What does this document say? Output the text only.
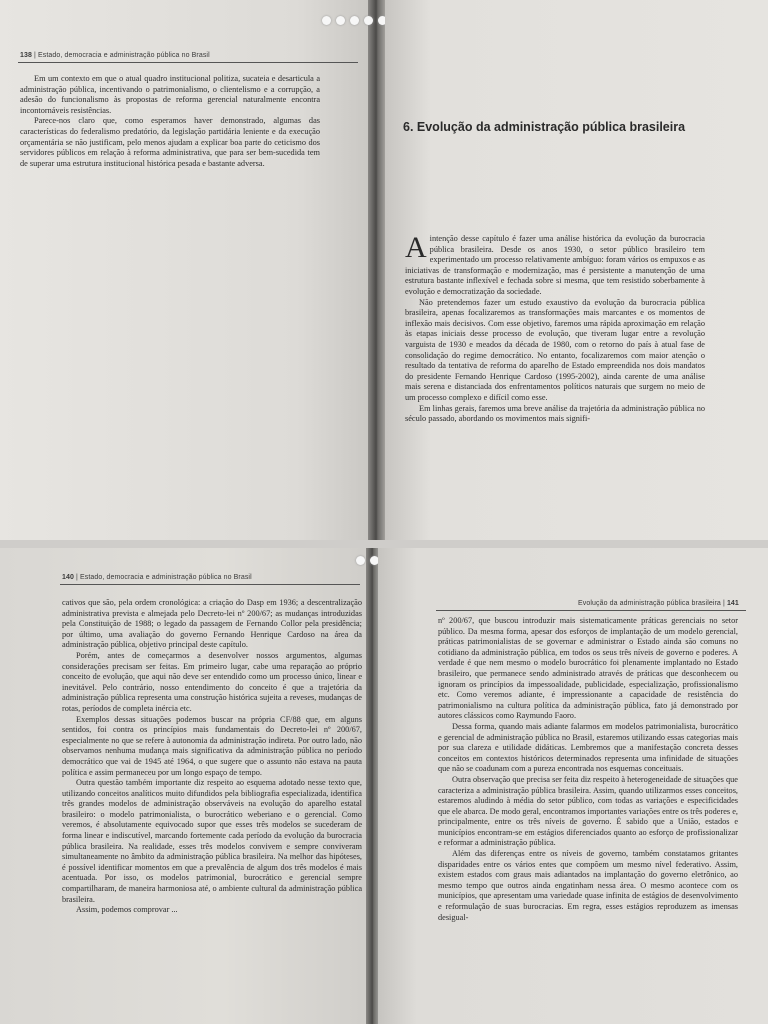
138 | Estado, democracia e administração pública no Brasil

Em um contexto em que o atual quadro institucional politiza, sucateia e desarticula a administração pública, incentivando o patrimonialismo, o clientelismo e a corrupção, a adesão do funcionalismo às propostas de reforma gerencial naturalmente encontra incontornáveis resistências.

Parece-nos claro que, como esperamos haver demonstrado, algumas das características do federalismo predatório, da legislação partidária leniente e da execução orçamentária se não justificam, pelo menos ajudam a explicar boa parte do ceticismo dos servidores públicos em relação à reforma administrativa, que para ser bem-sucedida tem de superar uma estrutura institucional histórica pesada e bastante adversa.

6. Evolução da administração pública brasileira

Aintenção desse capítulo é fazer uma análise histórica da evolução da burocracia pública brasileira. Desde os anos 1930, o setor público brasileiro tem experimentado um processo relativamente ambíguo: foram vários os empuxos e as iniciativas de transformação e modernização, mas é persistente a manutenção de uma estrutura bastante inflexível e fechada sobre si mesma, que tem resistido soberbamente à evolução e democratização da sociedade.

Não pretendemos fazer um estudo exaustivo da evolução da burocracia pública brasileira, apenas focalizaremos as transformações mais marcantes e os momentos de inflexão mais decisivos. Com esse objetivo, faremos uma rápida aproximação em relação às etapas iniciais desse processo de evolução, que tiveram lugar entre a revolução varguista de 1930 e meados da década de 1980, com o retorno do país à atual fase de consolidação do regime democrático. No entanto, focalizaremos com maior atenção o resultado da tentativa de reforma do aparelho de Estado empreendida nos dois mandatos do presidente Fernando Henrique Cardoso (1995-2002), ainda carente de uma análise mais serena e distanciada dos enfrentamentos políticos naturais que surgem no meio de um processo complexo e difícil como esse.

Em linhas gerais, faremos uma breve análise da trajetória da administração pública no século passado, abordando os movimentos mais signifi-

140 | Estado, democracia e administração pública no Brasil

cativos que são, pela ordem cronológica: a criação do Dasp em 1936; a descentralização administrativa prevista e almejada pelo Decreto-lei nº 200/67; as mudanças introduzidas pela Constituição de 1988; o legado da passagem de Fernando Collor pela presidência; por último, uma avaliação do governo Fernando Henrique Cardoso na área da administração pública, objetivo principal deste capítulo.

Porém, antes de começarmos a desenvolver nossos argumentos, algumas considerações precisam ser feitas. Em primeiro lugar, cabe uma reparação ao próprio conceito de evolução, que aqui não deve ser entendido como um processo único, linear e inevitável. Pelo contrário, nosso entendimento do conceito é que a trajetória da administração pública representa uma construção histórica sujeita a reveses, mudanças de rotas, períodos de completa inércia etc.

Exemplos dessas situações podemos buscar na própria CF/88 que, em alguns sentidos, foi contra os princípios mais fundamentais do Decreto-lei nº 200/67, especialmente no que se refere à autonomia da administração indireta. Por outro lado, não observamos nenhuma mudança mais significativa da administração pública no período democrático que vai de 1945 até 1964, o que sugere que o assunto não estava na pauta política e assim permaneceu por um longo espaço de tempo.

Outra questão também importante diz respeito ao esquema adotado nesse texto que, utilizando conceitos analíticos muito difundidos pela bibliografia especializada, identifica três grandes modelos de administração observáveis na evolução do aparelho estatal brasileiro: o modelo patrimonialista, o burocrático weberiano e o gerencial. Como veremos, é absolutamente equivocado supor que esses três modelos se sucederam de forma linear e indiscutível, marcando fortemente cada período da evolução da burocracia pública brasileira. Na realidade, esses três modelos convivem e sempre conviveram simultaneamente no âmbito da administração pública brasileira. Na melhor das hipóteses, é possível identificar momentos em que a prevalência de algum dos três modelos é mais acentuada. Por isso, os modelos patrimonial, burocrático e gerencial sempre compartilharam, de maneira harmoniosa até, o ambiente cultural da administração pública brasileira.

Assim, podemos comprovar ...

Evolução da administração pública brasileira | 141

nº 200/67, que buscou introduzir mais sistematicamente práticas gerenciais no setor público. Da mesma forma, apesar dos esforços de implantação de um modelo gerencial, práticas patrimonialistas de se governar e administrar o Estado ainda são comuns no cotidiano da administração pública, em todos os seus três níveis de governo e poderes. A verdade é que nem mesmo o modelo burocrático foi plenamente implantado no Estado brasileiro, que permanece sendo administrado através de práticas que desconhecem ou ignoram os princípios da impessoalidade, publicidade, especialização, profissionalismo etc. Como veremos adiante, é impressionante a capacidade de resistência do patrimonialismo na cultura política da administração pública, fato já demonstrado por autores clássicos como Raymundo Faoro.

Dessa forma, quando mais adiante falarmos em modelos patrimonialista, burocrático e gerencial de administração pública no Brasil, estaremos utilizando essas categorias mais por sua clareza e utilidade didáticas. Lembremos que a manifestação concreta desses conceitos em contextos históricos determinados representa uma infinidade de situações que não se coadunam com a pureza encontrada nos esquemas conceituais.

Outra observação que precisa ser feita diz respeito à heterogeneidade de situações que caracteriza a administração pública brasileira. Assim, quando utilizarmos esses conceitos, estaremos aludindo à média do setor público, com todas as variações e especificidades que ele abarca. De modo geral, encontramos importantes variações entre os três poderes e, principalmente, entre os três níveis de governo. É sabido que a União, estados e municípios encontram-se em estágios diferenciados quanto ao esforço de profissionalizar e reformar a administração pública.

Além das diferenças entre os níveis de governo, também constatamos gritantes disparidades entre os vários entes que compõem um mesmo nível federativo. Assim, existem estados com graus mais adiantados na implantação do governo eletrônico, ao mesmo tempo que outros ainda engatinham nessa área. O mesmo acontece com os municípios, que apresentam uma variedade quase infinita de estágios de desenvolvimento e reformulação de suas burocracias. Em regra, esses estágios reproduzem as imensas desigual-
